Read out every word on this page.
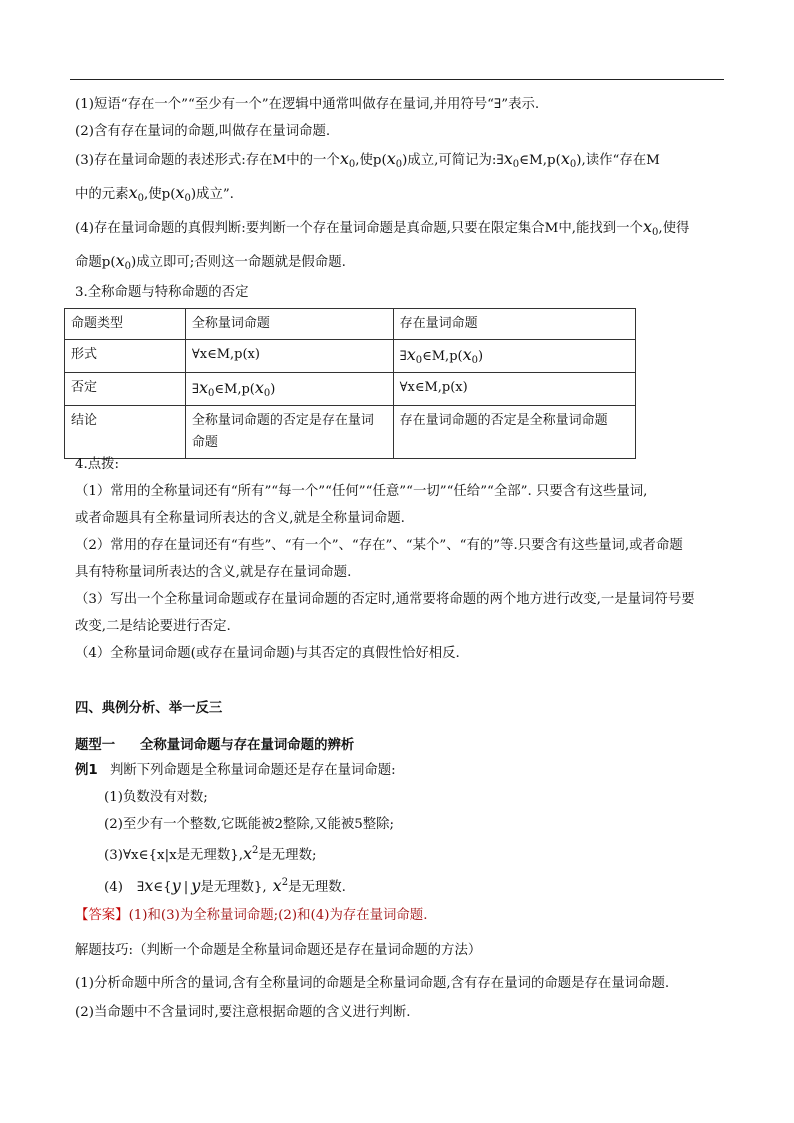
(1)短语“存在一个”“至少有一个”在逻辑中通常叫做存在量词,并用符号“∃”表示.
(2)含有存在量词的命题,叫做存在量词命题.
(3)存在量词命题的表述形式:存在M中的一个$x_0$,使$p(x_0)$成立,可简记为$:\exists x_0\in M,p(x_0)$,读作“存在M
中的元素$x_0$,使$p(x_0)$成立”.
(4)存在量词命题的真假判断:要判断一个存在量词命题是真命题,只要在限定集合M中,能找到一个$x_0$,使得
命题$p(x_0)$成立即可;否则这一命题就是假命题.
3.全称命题与特称命题的否定
命题类型	全称量词命题	存在量词命题
形式	∀x∈M,p(x)	$\exists x_0\in M,p(x_0)$
否定	$\exists x_0\in M,p(x_0)$	∀x∈M,p(x)
结论	全称量词命题的否定是存在量词命题	存在量词命题的否定是全称量词命题
4.点拨:
（1）常用的全称量词还有“所有”“每一个”“任何”“任意”“一切”“任给”“全部”. 只要含有这些量词,
或者命题具有全称量词所表达的含义,就是全称量词命题.
（2）常用的存在量词还有“有些”、“有一个”、“存在”、“某个”、“有的”等.只要含有这些量词,或者命题
具有特称量词所表达的含义,就是存在量词命题.
（3）写出一个全称量词命题或存在量词命题的否定时,通常要将命题的两个地方进行改变,一是量词符号要
改变,二是结论要进行否定.
（4）全称量词命题(或存在量词命题)与其否定的真假性恰好相反.
四、典例分析、举一反三
题型一 全称量词命题与存在量词命题的辨析
例1 判断下列命题是全称量词命题还是存在量词命题:
(1)负数没有对数;
(2)至少有一个整数,它既能被2整除,又能被5整除;
(3)∀x∈{x|x是无理数}$,x^2$是无理数;
(4) ∃x∈{y | y是无理数}, $x^2$是无理数.
【答案】(1)和(3)为全称量词命题;(2)和(4)为存在量词命题.
解题技巧:（判断一个命题是全称量词命题还是存在量词命题的方法）
(1)分析命题中所含的量词,含有全称量词的命题是全称量词命题,含有存在量词的命题是存在量词命题.
(2)当命题中不含量词时,要注意根据命题的含义进行判断.
